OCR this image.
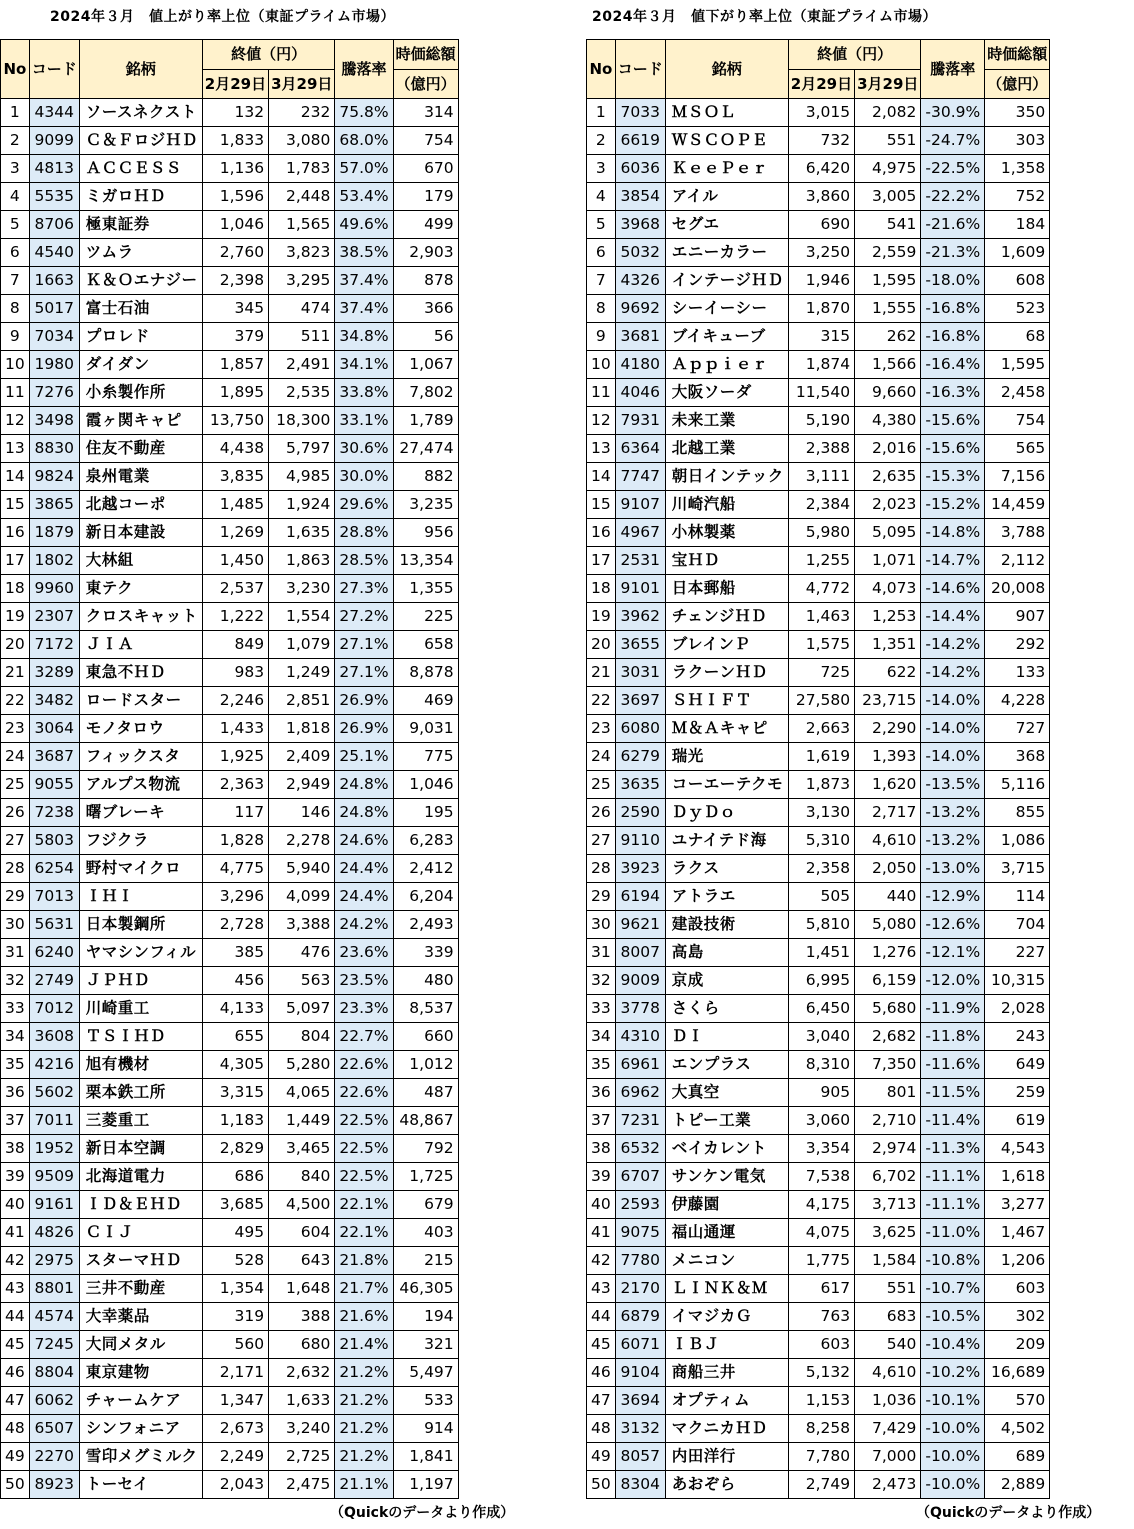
2024年３月　値上がり率上位（東証プライム市場）
No	コード	銘柄	終値（円）		騰落率	時価総額
			2月29日	3月29日		（億円）
1	4344	ソースネクスト	132	232	75.8%	314
2	9099	Ｃ＆ＦロジＨＤ	1,833	3,080	68.0%	754
3	4813	ＡＣＣＥＳＳ	1,136	1,783	57.0%	670
4	5535	ミガロＨＤ	1,596	2,448	53.4%	179
5	8706	極東証券	1,046	1,565	49.6%	499
6	4540	ツムラ	2,760	3,823	38.5%	2,903
7	1663	Ｋ＆Ｏエナジー	2,398	3,295	37.4%	878
8	5017	富士石油	345	474	37.4%	366
9	7034	プロレド	379	511	34.8%	56
10	1980	ダイダン	1,857	2,491	34.1%	1,067
11	7276	小糸製作所	1,895	2,535	33.8%	7,802
12	3498	霞ヶ関キャピ	13,750	18,300	33.1%	1,789
13	8830	住友不動産	4,438	5,797	30.6%	27,474
14	9824	泉州電業	3,835	4,985	30.0%	882
15	3865	北越コーポ	1,485	1,924	29.6%	3,235
16	1879	新日本建設	1,269	1,635	28.8%	956
17	1802	大林組	1,450	1,863	28.5%	13,354
18	9960	東テク	2,537	3,230	27.3%	1,355
19	2307	クロスキャット	1,222	1,554	27.2%	225
20	7172	ＪＩＡ	849	1,079	27.1%	658
21	3289	東急不ＨＤ	983	1,249	27.1%	8,878
22	3482	ロードスター	2,246	2,851	26.9%	469
23	3064	モノタロウ	1,433	1,818	26.9%	9,031
24	3687	フィックスタ	1,925	2,409	25.1%	775
25	9055	アルプス物流	2,363	2,949	24.8%	1,046
26	7238	曙ブレーキ	117	146	24.8%	195
27	5803	フジクラ	1,828	2,278	24.6%	6,283
28	6254	野村マイクロ	4,775	5,940	24.4%	2,412
29	7013	ＩＨＩ	3,296	4,099	24.4%	6,204
30	5631	日本製鋼所	2,728	3,388	24.2%	2,493
31	6240	ヤマシンフィル	385	476	23.6%	339
32	2749	ＪＰＨＤ	456	563	23.5%	480
33	7012	川崎重工	4,133	5,097	23.3%	8,537
34	3608	ＴＳＩＨＤ	655	804	22.7%	660
35	4216	旭有機材	4,305	5,280	22.6%	1,012
36	5602	栗本鉄工所	3,315	4,065	22.6%	487
37	7011	三菱重工	1,183	1,449	22.5%	48,867
38	1952	新日本空調	2,829	3,465	22.5%	792
39	9509	北海道電力	686	840	22.5%	1,725
40	9161	ＩＤ＆ＥＨＤ	3,685	4,500	22.1%	679
41	4826	ＣＩＪ	495	604	22.1%	403
42	2975	スターマＨＤ	528	643	21.8%	215
43	8801	三井不動産	1,354	1,648	21.7%	46,305
44	4574	大幸薬品	319	388	21.6%	194
45	7245	大同メタル	560	680	21.4%	321
46	8804	東京建物	2,171	2,632	21.2%	5,497
47	6062	チャームケア	1,347	1,633	21.2%	533
48	6507	シンフォニア	2,673	3,240	21.2%	914
49	2270	雪印メグミルク	2,249	2,725	21.2%	1,841
50	8923	トーセイ	2,043	2,475	21.1%	1,197
（Quickのデータより作成）
2024年３月　値下がり率上位（東証プライム市場）
No	コード	銘柄	終値（円）		騰落率	時価総額
			2月29日	3月29日		（億円）
1	7033	ＭＳＯＬ	3,015	2,082	-30.9%	350
2	6619	ＷＳＣＯＰＥ	732	551	-24.7%	303
3	6036	ＫｅｅＰｅｒ	6,420	4,975	-22.5%	1,358
4	3854	アイル	3,860	3,005	-22.2%	752
5	3968	セグエ	690	541	-21.6%	184
6	5032	エニーカラー	3,250	2,559	-21.3%	1,609
7	4326	インテージＨＤ	1,946	1,595	-18.0%	608
8	9692	シーイーシー	1,870	1,555	-16.8%	523
9	3681	ブイキューブ	315	262	-16.8%	68
10	4180	Ａｐｐｉｅｒ	1,874	1,566	-16.4%	1,595
11	4046	大阪ソーダ	11,540	9,660	-16.3%	2,458
12	7931	未来工業	5,190	4,380	-15.6%	754
13	6364	北越工業	2,388	2,016	-15.6%	565
14	7747	朝日インテック	3,111	2,635	-15.3%	7,156
15	9107	川崎汽船	2,384	2,023	-15.2%	14,459
16	4967	小林製薬	5,980	5,095	-14.8%	3,788
17	2531	宝ＨＤ	1,255	1,071	-14.7%	2,112
18	9101	日本郵船	4,772	4,073	-14.6%	20,008
19	3962	チェンジＨＤ	1,463	1,253	-14.4%	907
20	3655	ブレインＰ	1,575	1,351	-14.2%	292
21	3031	ラクーンＨＤ	725	622	-14.2%	133
22	3697	ＳＨＩＦＴ	27,580	23,715	-14.0%	4,228
23	6080	Ｍ＆Ａキャピ	2,663	2,290	-14.0%	727
24	6279	瑞光	1,619	1,393	-14.0%	368
25	3635	コーエーテクモ	1,873	1,620	-13.5%	5,116
26	2590	ＤｙＤｏ	3,130	2,717	-13.2%	855
27	9110	ユナイテド海	5,310	4,610	-13.2%	1,086
28	3923	ラクス	2,358	2,050	-13.0%	3,715
29	6194	アトラエ	505	440	-12.9%	114
30	9621	建設技術	5,810	5,080	-12.6%	704
31	8007	高島	1,451	1,276	-12.1%	227
32	9009	京成	6,995	6,159	-12.0%	10,315
33	3778	さくら	6,450	5,680	-11.9%	2,028
34	4310	ＤＩ	3,040	2,682	-11.8%	243
35	6961	エンプラス	8,310	7,350	-11.6%	649
36	6962	大真空	905	801	-11.5%	259
37	7231	トピー工業	3,060	2,710	-11.4%	619
38	6532	ベイカレント	3,354	2,974	-11.3%	4,543
39	6707	サンケン電気	7,538	6,702	-11.1%	1,618
40	2593	伊藤園	4,175	3,713	-11.1%	3,277
41	9075	福山通運	4,075	3,625	-11.0%	1,467
42	7780	メニコン	1,775	1,584	-10.8%	1,206
43	2170	ＬＩＮＫ＆Ｍ	617	551	-10.7%	603
44	6879	イマジカＧ	763	683	-10.5%	302
45	6071	ＩＢＪ	603	540	-10.4%	209
46	9104	商船三井	5,132	4,610	-10.2%	16,689
47	3694	オプティム	1,153	1,036	-10.1%	570
48	3132	マクニカＨＤ	8,258	7,429	-10.0%	4,502
49	8057	内田洋行	7,780	7,000	-10.0%	689
50	8304	あおぞら	2,749	2,473	-10.0%	2,889
（Quickのデータより作成）
